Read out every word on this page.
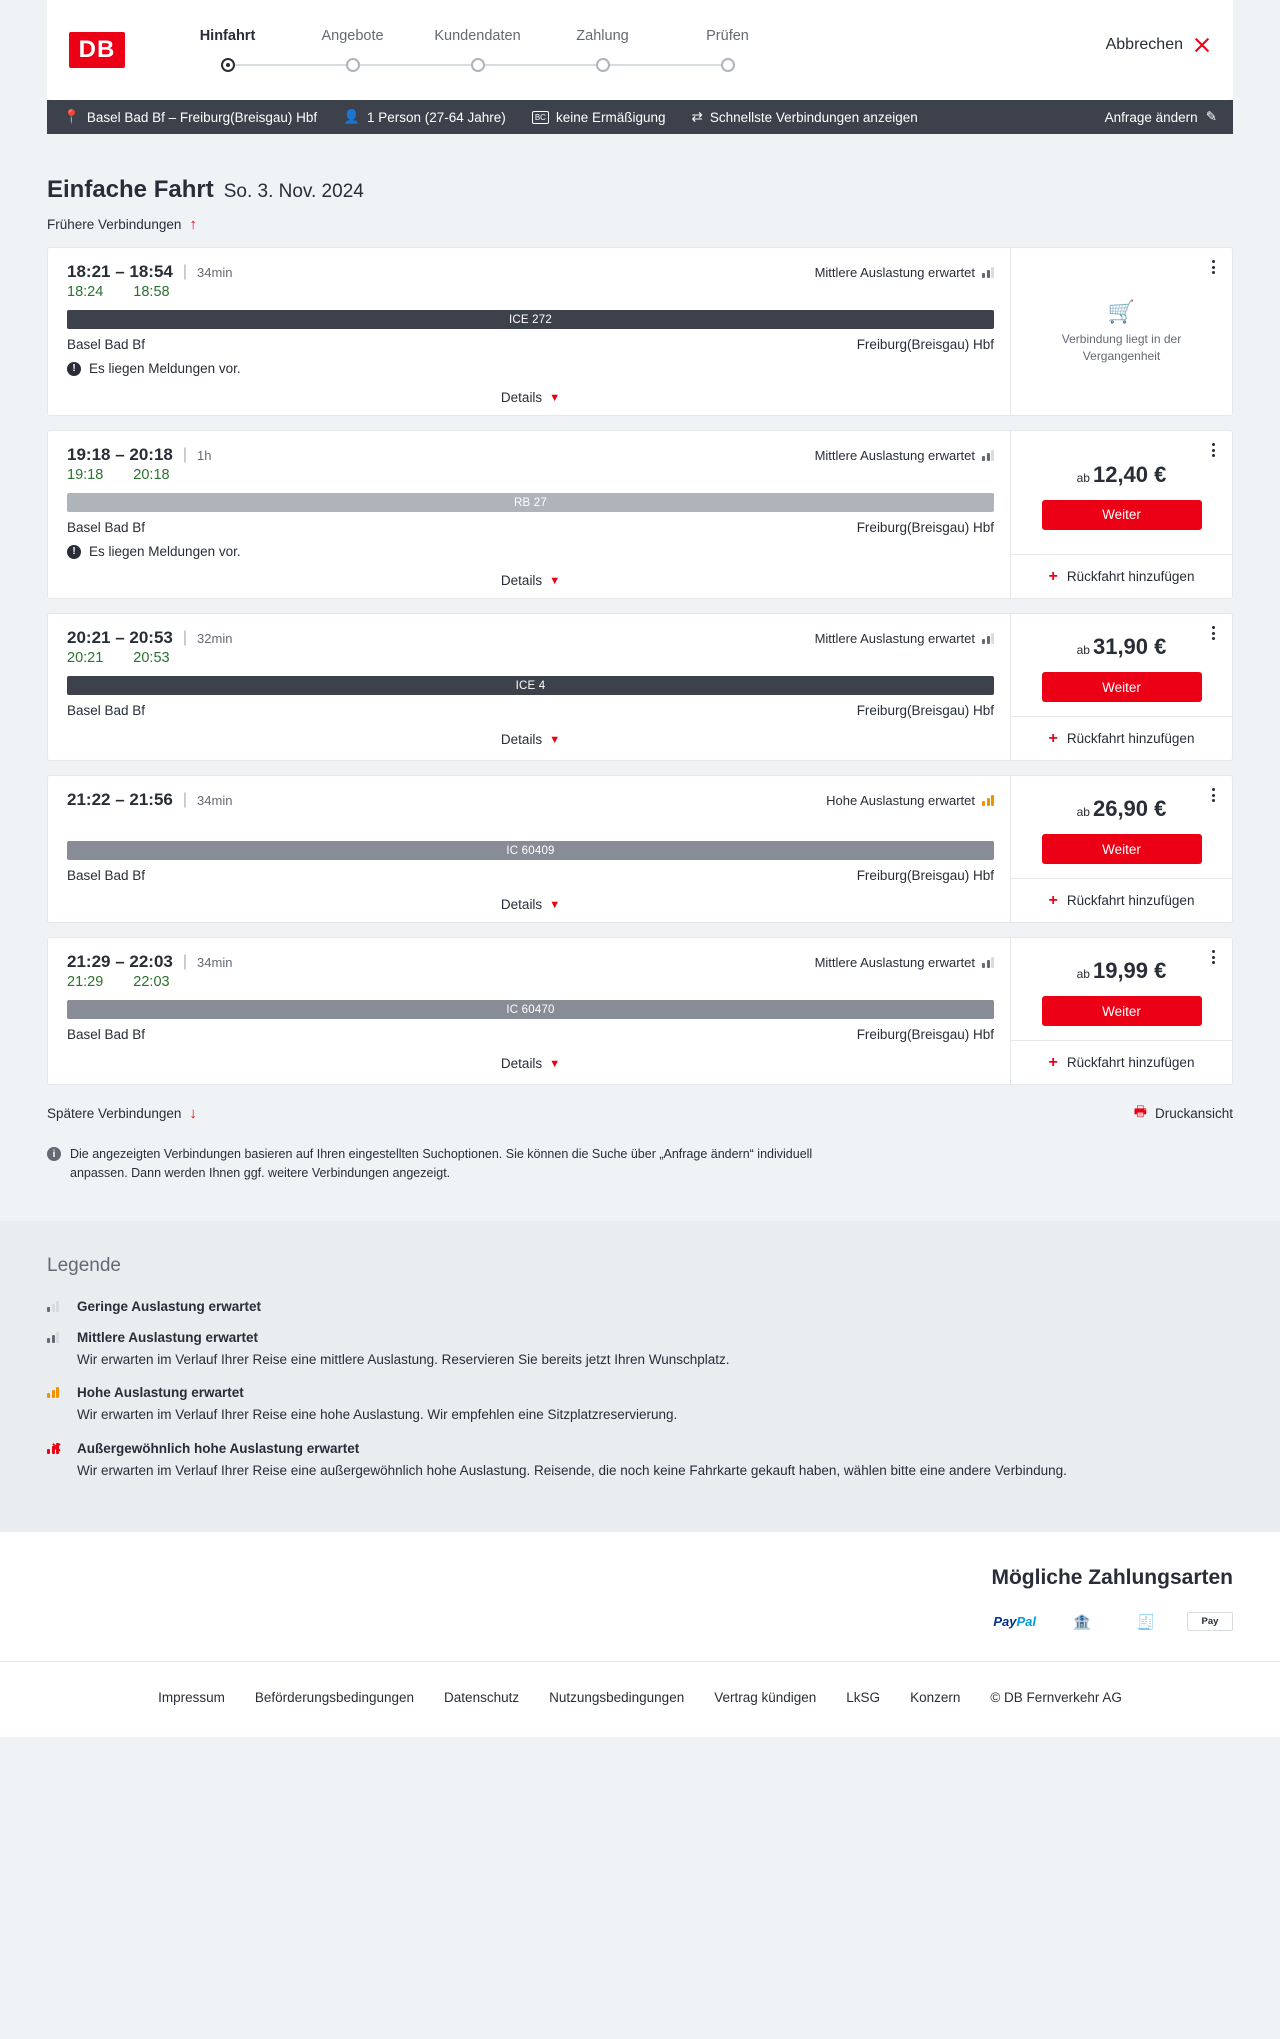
DB	Hinfahrt	Angebote	Kundendaten	Zahlung	Prüfen	Abbrechen
📍 Basel Bad Bf – Freiburg(Breisgau) Hbf 👤 1 Person (27-64 Jahre)	BC keine Ermäßigung ⇄ Schnellste Verbindungen anzeigen	Anfrage ändern ✎
Einfache Fahrt So. 3. Nov. 2024
Frühere Verbindungen ↑
18:21 – 18:54 | 34min	Mittlere Auslastung erwartet
18:24 18:58
ICE 272
Basel Bad Bf	Freiburg(Breisgau) Hbf
! Es liegen Meldungen vor.
Details ▼
🛒
Verbindung liegt in der Vergangenheit
19:18 – 20:18 | 1h	Mittlere Auslastung erwartet
19:18 20:18
RB 27
Basel Bad Bf	Freiburg(Breisgau) Hbf
! Es liegen Meldungen vor.
Details ▼
ab 12,40 €
Weiter
+ Rückfahrt hinzufügen
20:21 – 20:53 | 32min	Mittlere Auslastung erwartet
20:21 20:53
ICE 4
Basel Bad Bf	Freiburg(Breisgau) Hbf
Details ▼
ab 31,90 €
Weiter
+ Rückfahrt hinzufügen
21:22 – 21:56 | 34min	Hohe Auslastung erwartet
IC 60409
Basel Bad Bf	Freiburg(Breisgau) Hbf
Details ▼
ab 26,90 €
Weiter
+ Rückfahrt hinzufügen
21:29 – 22:03 | 34min	Mittlere Auslastung erwartet
21:29 22:03
IC 60470
Basel Bad Bf	Freiburg(Breisgau) Hbf
Details ▼
ab 19,99 €
Weiter
+ Rückfahrt hinzufügen
Spätere Verbindungen ↓	🖶 Druckansicht
i	Die angezeigten Verbindungen basieren auf Ihren eingestellten Suchoptionen. Sie können die Suche über „Anfrage ändern“ individuell anpassen. Dann werden Ihnen ggf. weitere Verbindungen angezeigt.
Legende
Geringe Auslastung erwartet
Mittlere Auslastung erwartet
Wir erwarten im Verlauf Ihrer Reise eine mittlere Auslastung. Reservieren Sie bereits jetzt Ihren Wunschplatz.
Hohe Auslastung erwartet
Wir erwarten im Verlauf Ihrer Reise eine hohe Auslastung. Wir empfehlen eine Sitzplatzreservierung.
✕
Außergewöhnlich hohe Auslastung erwartet
Wir erwarten im Verlauf Ihrer Reise eine außergewöhnlich hohe Auslastung. Reisende, die noch keine Fahrkarte gekauft haben, wählen bitte eine andere Verbindung.
Mögliche Zahlungsarten
Pay Pal	🏦	🧾	Pay
Impressum Beförderungsbedingungen Datenschutz Nutzungsbedingungen Vertrag kündigen LkSG Konzern © DB Fernverkehr AG
